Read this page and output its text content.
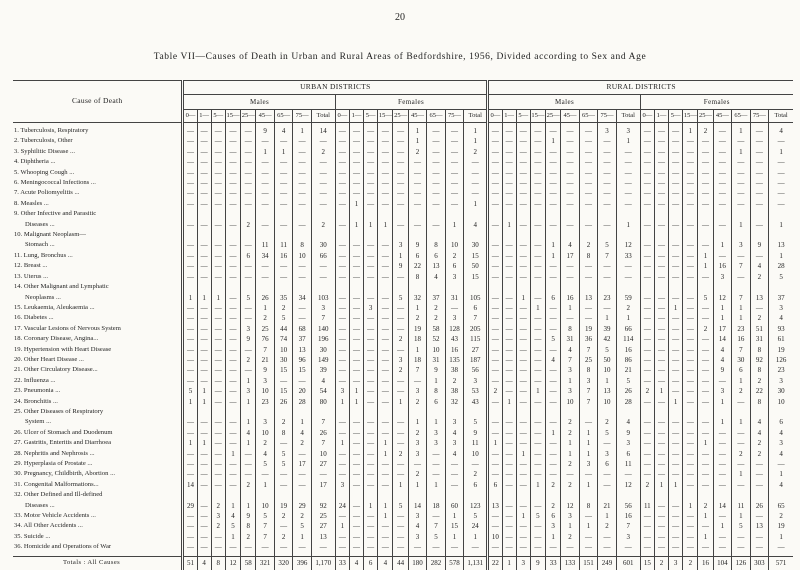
20
Table VII—Causes of Death in Urban and Rural Areas of Bedfordshire, 1956, Divided according to Sex and Age
Cause of Death	URBAN DISTRICTS																		RURAL DISTRICTS																	
	Males									Females									Males									Females								
	0—	1—	5—	15—	25—	45—	65—	75—	Total	0—	1—	5—	15—	25—	45—	65—	75—	Total	0—	1—	5—	15—	25—	45—	65—	75—	Total	0—	1—	5—	15—	25—	45—	65—	75—	Total

1. Tuberculosis, Respiratory	—	—	—	—	—	9	4	1	14	—	—	—	—	—	1	—	—	1	—	—	—	—	—	—	—	3	3	—	—	—	1	2	—	1	—	4
2. Tuberculosis, Other	—	—	—	—	—	—	—	—	—	—	—	—	—	—	1	—	—	1	—	—	—	—	1	—	—	—	1	—	—	—	—	—	—	—	—	—
3. Syphilitic Disease ...	—	—	—	—	—	1	1	—	2	—	—	—	—	—	2	—	—	2	—	—	—	—	—	—	—	—	—	—	—	—	—	—	—	1	—	1
4. Diphtheria ...	—	—	—	—	—	—	—	—	—	—	—	—	—	—	—	—	—	—	—	—	—	—	—	—	—	—	—	—	—	—	—	—	—	—	—	—
5. Whooping Cough ...	—	—	—	—	—	—	—	—	—	—	—	—	—	—	—	—	—	—	—	—	—	—	—	—	—	—	—	—	—	—	—	—	—	—	—	—
6. Meningococcal Infections ...	—	—	—	—	—	—	—	—	—	—	—	—	—	—	—	—	—	—	—	—	—	—	—	—	—	—	—	—	—	—	—	—	—	—	—	—
7. Acute Poliomyelitis ...	—	—	—	—	—	—	—	—	—	—	—	—	—	—	—	—	—	—	—	—	—	—	—	—	—	—	—	—	—	—	—	—	—	—	—	—
8. Measles ...	—	—	—	—	—	—	—	—	—	—	1	—	—	—	—	—	—	1	—	—	—	—	—	—	—	—	—	—	—	—	—	—	—	—	—	—
9. Other Infective and Parasitic																																				
Diseases ...	—	—	—	—	2	—	—	—	2	—	1	1	1	—	—	—	1	4	—	1	—	—	—	—	—	—	1	—	—	—	—	—	—	1	—	1
10. Malignant Neoplasm—																																				
Stomach ...	—	—	—	—	—	11	11	8	30	—	—	—	—	3	9	8	10	30	—	—	—	—	1	4	2	5	12	—	—	—	—	—	1	3	9	13
11. Lung, Bronchus ...	—	—	—	—	6	34	16	10	66	—	—	—	—	1	6	6	2	15	—	—	—	—	1	17	8	7	33	—	—	—	—	1	—	—	—	1
12. Breast ...	—	—	—	—	—	—	—	—	—	—	—	—	—	9	22	13	6	50	—	—	—	—	—	—	—	—	—	—	—	—	—	1	16	7	4	28
13. Uterus ...	—	—	—	—	—	—	—	—	—	—	—	—	—	—	8	4	3	15	—	—	—	—	—	—	—	—	—	—	—	—	—	—	3	—	2	5
14. Other Malignant and Lymphatic																																				
Neoplasms ...	1	1	1	—	5	26	35	34	103	—	—	—	—	5	32	37	31	105	—	—	1	—	6	16	13	23	59	—	—	—	—	5	12	7	13	37
15. Leukaemia, Aleukaemia ...	—	—	—	—	—	1	2	—	3	—	—	3	—	—	1	2	—	6	—	—	—	1	—	1	—	—	2	—	—	1	—	—	1	1	—	3
16. Diabetes ...	—	—	—	—	—	2	5	—	7	—	—	—	—	—	2	2	3	7	—	—	—	—	—	—	—	1	1	—	—	—	—	—	1	1	2	4
17. Vascular Lesions of Nervous System	—	—	—	—	3	25	44	68	140	—	—	—	—	—	19	58	128	205	—	—	—	—	—	8	19	39	66	—	—	—	—	2	17	23	51	93
18. Coronary Disease, Angina...	—	—	—	—	9	76	74	37	196	—	—	—	—	2	18	52	43	115	—	—	—	—	5	31	36	42	114	—	—	—	—	—	14	16	31	61
19. Hypertension with Heart Disease	—	—	—	—	—	7	10	13	30	—	—	—	—	—	1	10	16	27	—	—	—	—	—	4	7	5	16	—	—	—	—	—	4	7	8	19
20. Other Heart Disease ...	—	—	—	—	2	21	30	96	149	—	—	—	—	3	18	31	135	187	—	—	—	—	4	7	25	50	86	—	—	—	—	—	4	30	92	126
21. Other Circulatory Disease...	—	—	—	—	—	9	15	15	39	—	—	—	—	2	7	9	38	56	—	—	—	—	—	3	8	10	21	—	—	—	—	—	9	6	8	23
22. Influenza ...	—	—	—	—	1	3	—	—	4	—	—	—	—	—	—	1	2	3	—	—	—	—	—	1	3	1	5	—	—	—	—	—	—	1	2	3
23. Pneumonia ...	5	1	—	—	3	10	15	20	54	3	1	—	—	—	3	8	38	53	2	—	—	1	—	3	7	13	26	2	1	—	—	—	3	2	22	30
24. Bronchitis ...	1	1	—	—	1	23	26	28	80	1	1	—	—	1	2	6	32	43	—	1	—	—	—	10	7	10	28	—	—	1	—	—	1	—	8	10
25. Other Diseases of Respiratory																																				
System ...	—	—	—	—	1	3	2	1	7	—	—	—	—	—	1	1	3	5	—	—	—	—	—	2	—	2	4	—	—	—	—	—	1	1	4	6
26. Ulcer of Stomach and Duodenum	—	—	—	—	4	10	8	4	26	—	—	—	—	—	2	3	4	9	—	—	—	—	1	2	1	5	9	—	—	—	—	—	—	—	4	4
27. Gastritis, Enteritis and Diarrhoea	1	1	—	—	1	2	—	2	7	1	—	—	1	—	3	3	3	11	1	—	—	—	—	1	1	—	3	—	—	—	—	1	—	—	2	3
28. Nephritis and Nephrosis ...	—	—	—	1	—	4	5	—	10	—	—	—	1	2	3	—	4	10	—	—	1	—	—	1	1	3	6	—	—	—	—	—	—	2	2	4
29. Hyperplasia of Prostate ...	—	—	—	—	—	5	5	17	27	—	—	—	—	—	—	—	—	—	—	—	—	—	—	2	3	6	11	—	—	—	—	—	—	—	—	—
30. Pregnancy, Childbirth, Abortion ...	—	—	—	—	—	—	—	—	—	—	—	—	—	—	2	—	—	2	—	—	—	—	—	—	—	—	—	—	—	—	—	—	—	1	—	1
31. Congenital Malformations...	14	—	—	—	2	1	—	—	17	3	—	—	—	1	1	1	—	6	6	—	—	1	2	2	1	—	12	2	1	1	—	—	—	—	—	4
32. Other Defined and Ill-defined																																				
Diseases ...	29	—	2	1	1	10	19	29	92	24	—	1	1	5	14	18	60	123	13	—	—	—	2	12	8	21	56	11	—	—	1	2	14	11	26	65
33. Motor Vehicle Accidents ...	—	—	3	4	9	5	2	2	25	—	—	—	1	—	3	—	1	5	—	—	1	5	6	3	—	1	16	—	—	—	—	1	—	1	—	2
34. All Other Accidents ...	—	—	2	5	8	7	—	5	27	1	—	—	—	—	4	7	15	24	—	—	—	—	3	1	1	2	7	—	—	—	—	—	1	5	13	19
35. Suicide ...	—	—	—	1	2	7	2	1	13	—	—	—	—	—	3	5	1	1	10	—	—	—	1	2	—	—	3	—	—	—	—	1	—	—	—	1
36. Homicide and Operations of War	—	—	—	—	—	—	—	—	—	—	—	—	—	—	—	—	—	—	—	—	—	—	—	—	—	—	—	—	—	—	—	—	—	—	—	—

Totals : All Causes	51	4	8	12	58	321	320	396	1,170	33	4	6	4	44	180	282	578	1,131	22	1	3	9	33	133	151	249	601	15	2	3	2	16	104	126	303	571
